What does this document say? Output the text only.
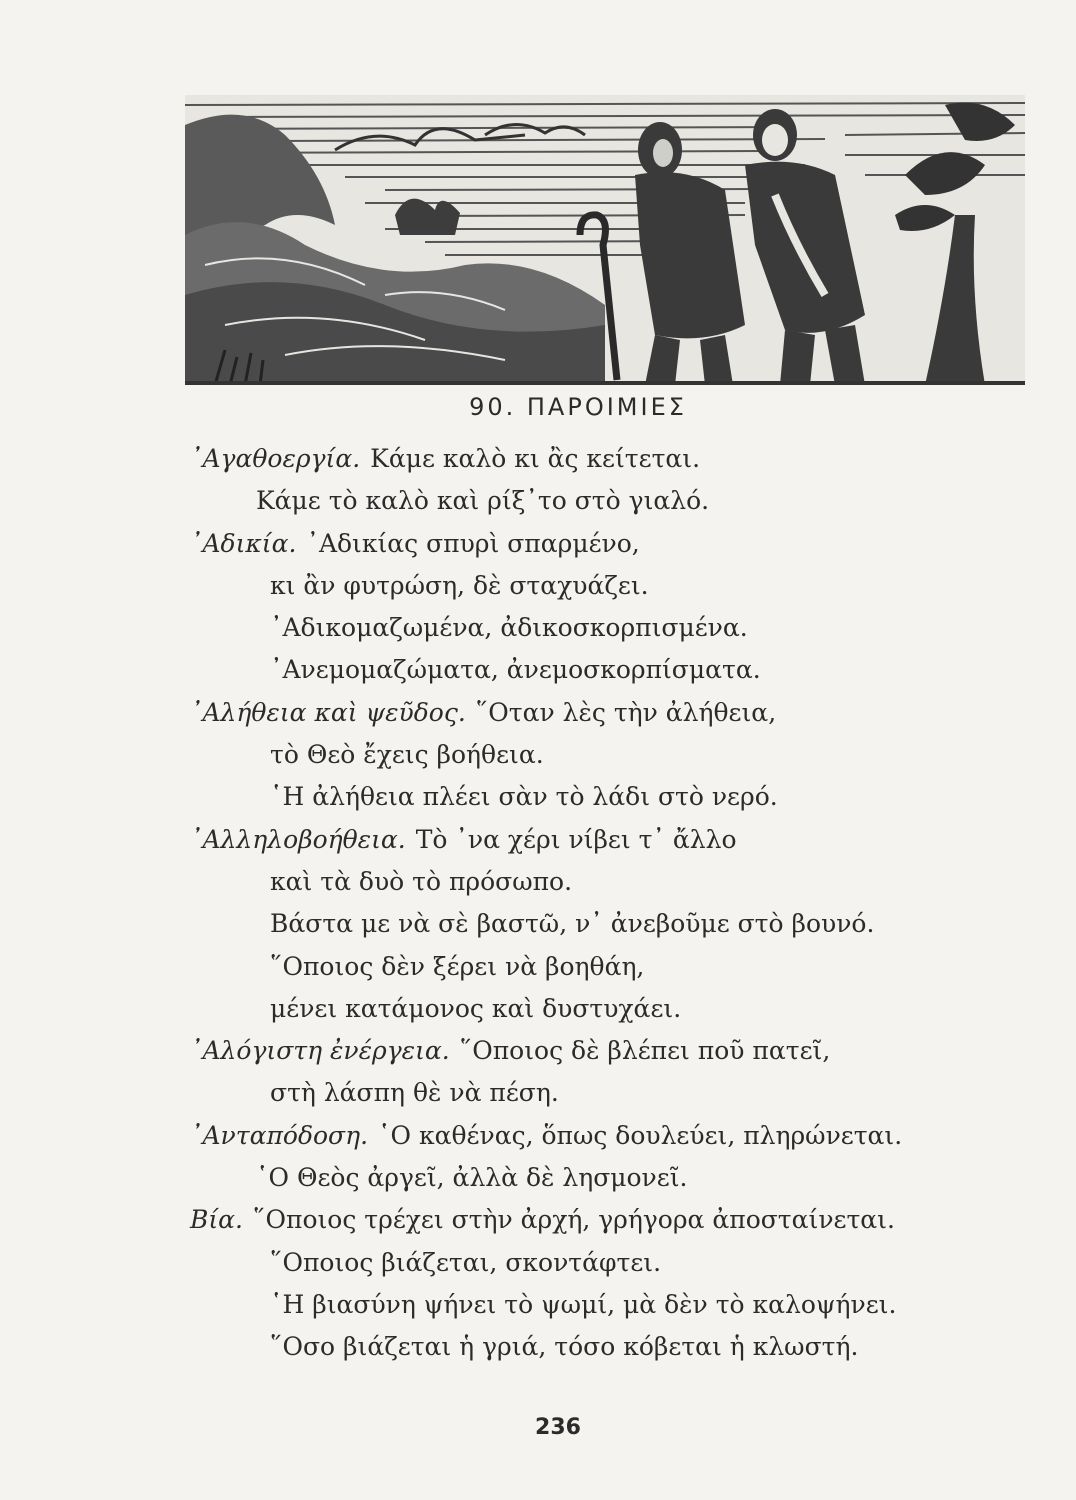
90. ΠΑΡΟΙΜΙΕΣ
᾿Αγαθοεργία. Κάμε καλὸ κι ἂς κείτεται.
Κάμε τὸ καλὸ καὶ ρίξ᾿το στὸ γιαλό.
᾿Αδικία. ᾿Αδικίας σπυρὶ σπαρμένο,
κι ἂν φυτρώση, δὲ σταχυάζει.
᾿Αδικομαζωμένα, ἀδικοσκορπισμένα.
᾿Ανεμομαζώματα, ἀνεμοσκορπίσματα.
᾿Αλήθεια καὶ ψεῦδος. ῞Οταν λὲς τὴν ἀλήθεια,
τὸ Θεὸ ἔχεις βοήθεια.
῾Η ἀλήθεια πλέει σὰν τὸ λάδι στὸ νερό.
᾿Αλληλοβοήθεια. Τὸ ᾿να χέρι νίβει τ᾿ ἄλλο
καὶ τὰ δυὸ τὸ πρόσωπο.
Βάστα με νὰ σὲ βαστῶ, ν᾿ ἀνεβοῦμε στὸ βουνό.
῞Οποιος δὲν ξέρει νὰ βοηθάη,
μένει κατάμονος καὶ δυστυχάει.
᾿Αλόγιστη ἐνέργεια. ῞Οποιος δὲ βλέπει ποῦ πατεῖ,
στὴ λάσπη θὲ νὰ πέση.
᾿Ανταπόδοση. ῾Ο καθένας, ὅπως δουλεύει, πληρώνεται.
῾Ο Θεὸς ἀργεῖ, ἀλλὰ δὲ λησμονεῖ.
Βία. ῞Οποιος τρέχει στὴν ἀρχή, γρήγορα ἀποσταίνεται.
῞Οποιος βιάζεται, σκοντάφτει.
῾Η βιασύνη ψήνει τὸ ψωμί, μὰ δὲν τὸ καλοψήνει.
῞Οσο βιάζεται ἡ γριά, τόσο κόβεται ἡ κλωστή.
236
